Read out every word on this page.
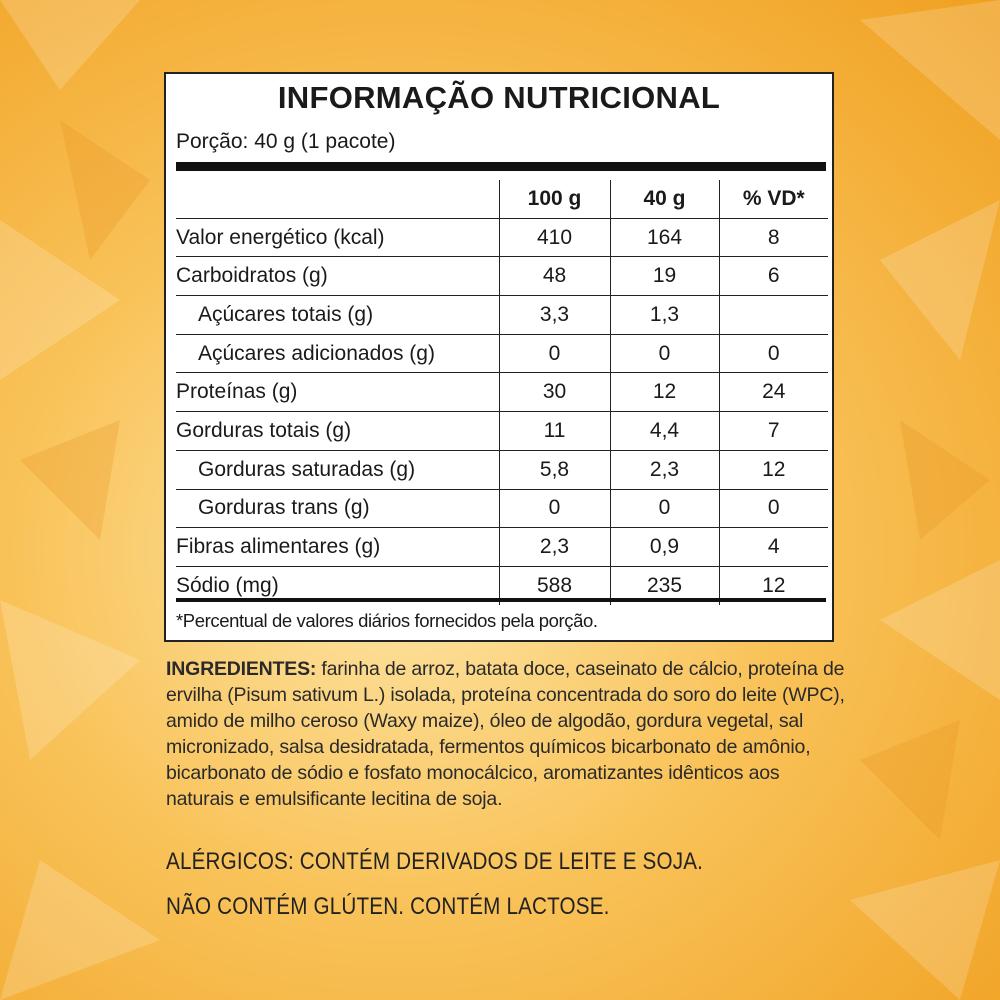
INFORMAÇÃO NUTRICIONAL
Porção: 40 g (1 pacote)
	100 g	40 g	% VD*
Valor energético (kcal)	410	164	8
Carboidratos (g)	48	19	6
Açúcares totais (g)	3,3	1,3	
Açúcares adicionados (g)	0	0	0
Proteínas (g)	30	12	24
Gorduras totais (g)	11	4,4	7
Gorduras saturadas (g)	5,8	2,3	12
Gorduras trans (g)	0	0	0
Fibras alimentares (g)	2,3	0,9	4
Sódio (mg)	588	235	12
*Percentual de valores diários fornecidos pela porção.
INGREDIENTES: farinha de arroz, batata doce, caseinato de cálcio, proteína de ervilha (Pisum sativum L.) isolada, proteína concentrada do soro do leite (WPC), amido de milho ceroso (Waxy maize), óleo de algodão, gordura vegetal, sal micronizado, salsa desidratada, fermentos químicos bicarbonato de amônio, bicarbonato de sódio e fosfato monocálcico, aromatizantes idênticos aos naturais e emulsificante lecitina de soja.
ALÉRGICOS: CONTÉM DERIVADOS DE LEITE E SOJA.
NÃO CONTÉM GLÚTEN. CONTÉM LACTOSE.
